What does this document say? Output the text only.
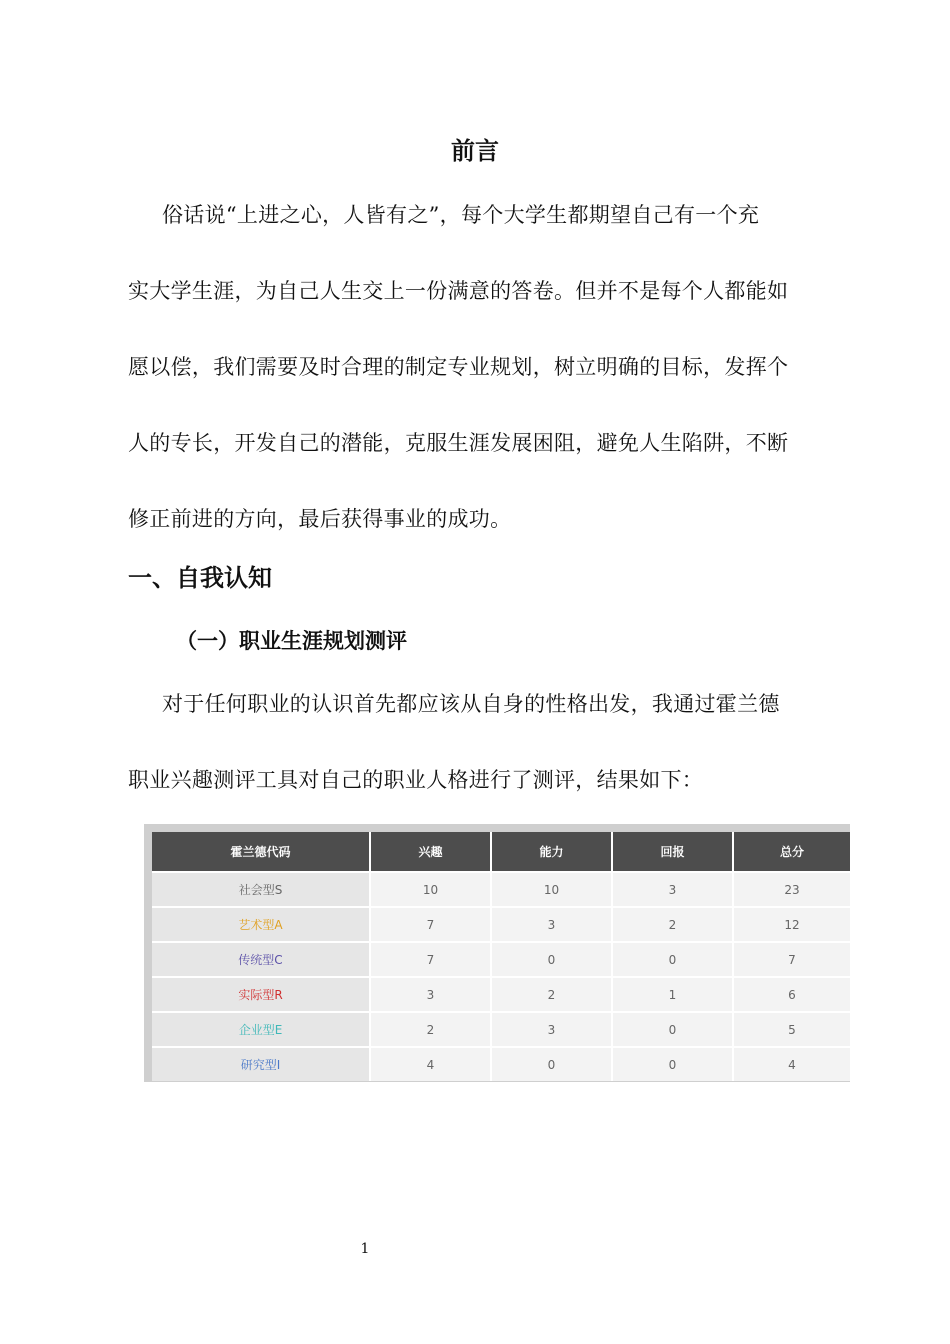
前言
俗话说“上进之心，人皆有之”，每个大学生都期望自己有一个充
实大学生涯，为自己人生交上一份满意的答卷。但并不是每个人都能如
愿以偿，我们需要及时合理的制定专业规划，树立明确的目标，发挥个
人的专长，开发自己的潜能，克服生涯发展困阻，避免人生陷阱，不断
修正前进的方向，最后获得事业的成功。
一、自我认知
（一）职业生涯规划测评
对于任何职业的认识首先都应该从自身的性格出发，我通过霍兰德
职业兴趣测评工具对自己的职业人格进行了测评，结果如下：
霍兰德代码	兴趣	能力	回报	总分
社会型S	10	10	3	23
艺术型A	7	3	2	12
传统型C	7	0	0	7
实际型R	3	2	1	6
企业型E	2	3	0	5
研究型I	4	0	0	4
1
